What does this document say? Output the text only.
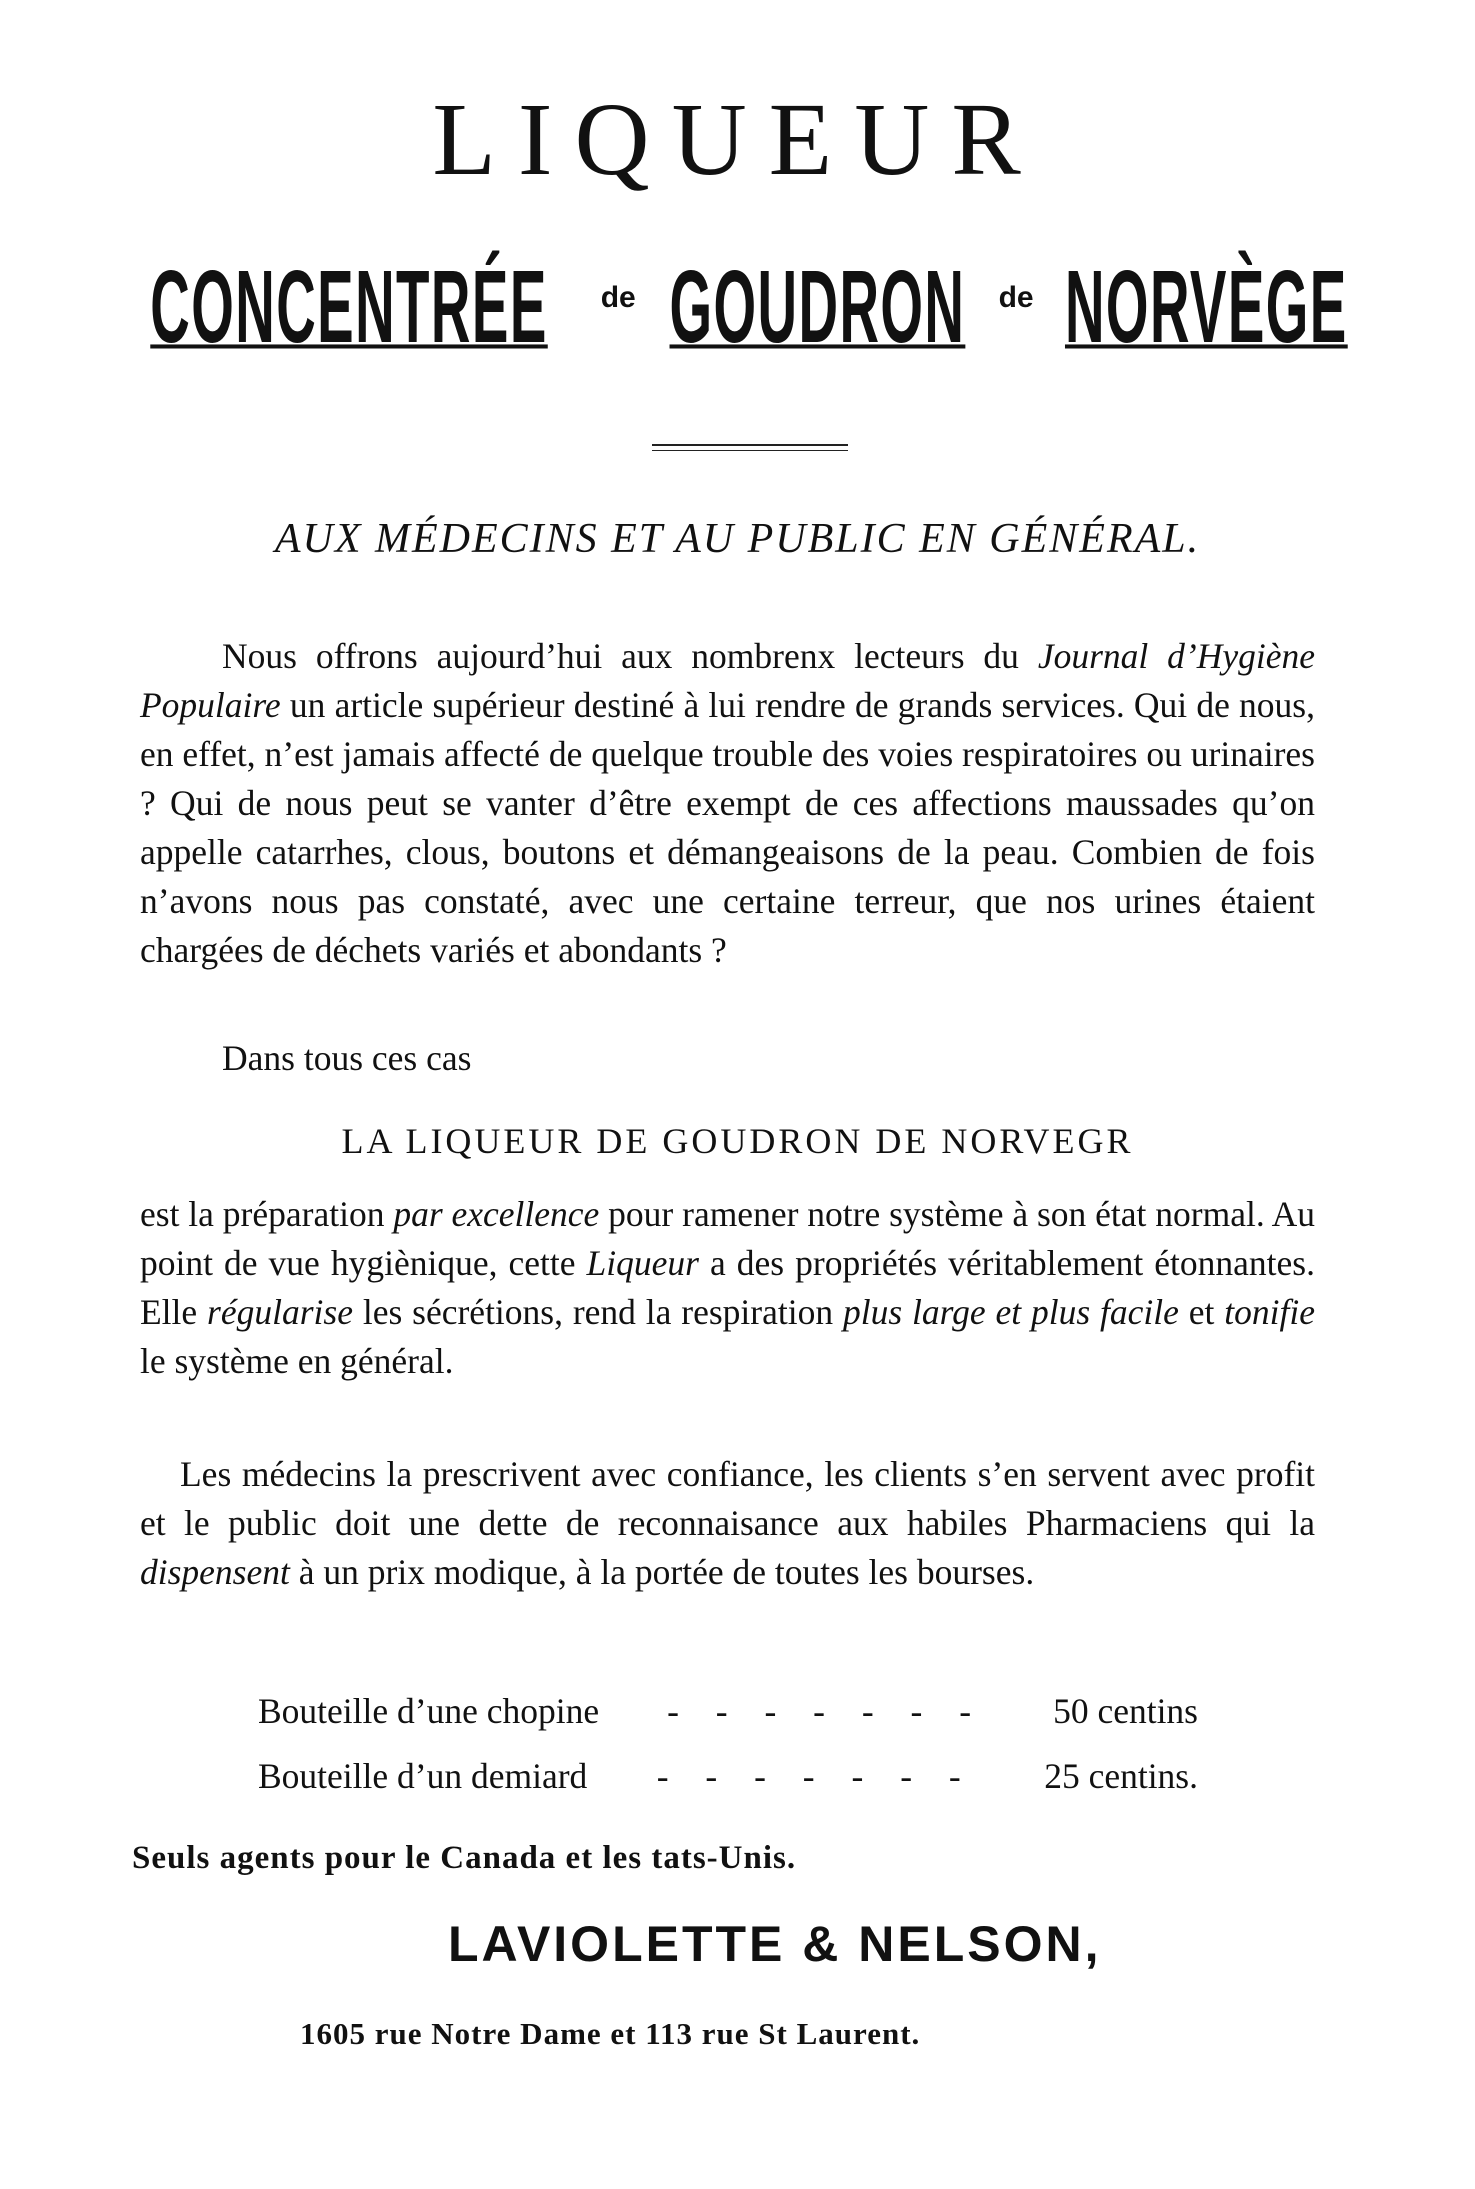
LIQUEUR
CONCENTRÉE de GOUDRON de NORVÈGE
AUX MÉDECINS ET AU PUBLIC EN GÉNÉRAL.

Nous offrons aujourd’hui aux nombrenx lecteurs du Journal d’Hygiène Populaire un article supérieur destiné à lui rendre de grands services. Qui de nous, en effet, n’est jamais affecté de quelque trouble des voies respiratoires ou urinaires ? Qui de nous peut se vanter d’être exempt de ces affections maussades qu’on appelle catarrhes, clous, boutons et démangeaisons de la peau. Combien de fois n’avons nous pas constaté, avec une certaine terreur, que nos urines étaient chargées de déchets variés et abondants ?

Dans tous ces cas

LA LIQUEUR DE GOUDRON DE NORVEGR

est la préparation par excellence pour ramener notre système à son état normal. Au point de vue hygiènique, cette Liqueur a des propriétés véritablement étonnantes. Elle régularise les sécrétions, rend la respiration plus large et plus facile et tonifie le système en général.

Les médecins la prescrivent avec confiance, les clients s’en servent avec profit et le public doit une dette de reconnaisance aux habiles Pharmaciens qui la dispensent à un prix modique, à la portée de toutes les bourses.

Bouteille d’une chopine	- - - - - - -	50 centins
Bouteille d’un demiard	- - - - - - -	25 centins.
Seuls agents pour le Canada et les tats-Unis.
LAVIOLETTE & NELSON,
1605 rue Notre Dame et 113 rue St Laurent.
